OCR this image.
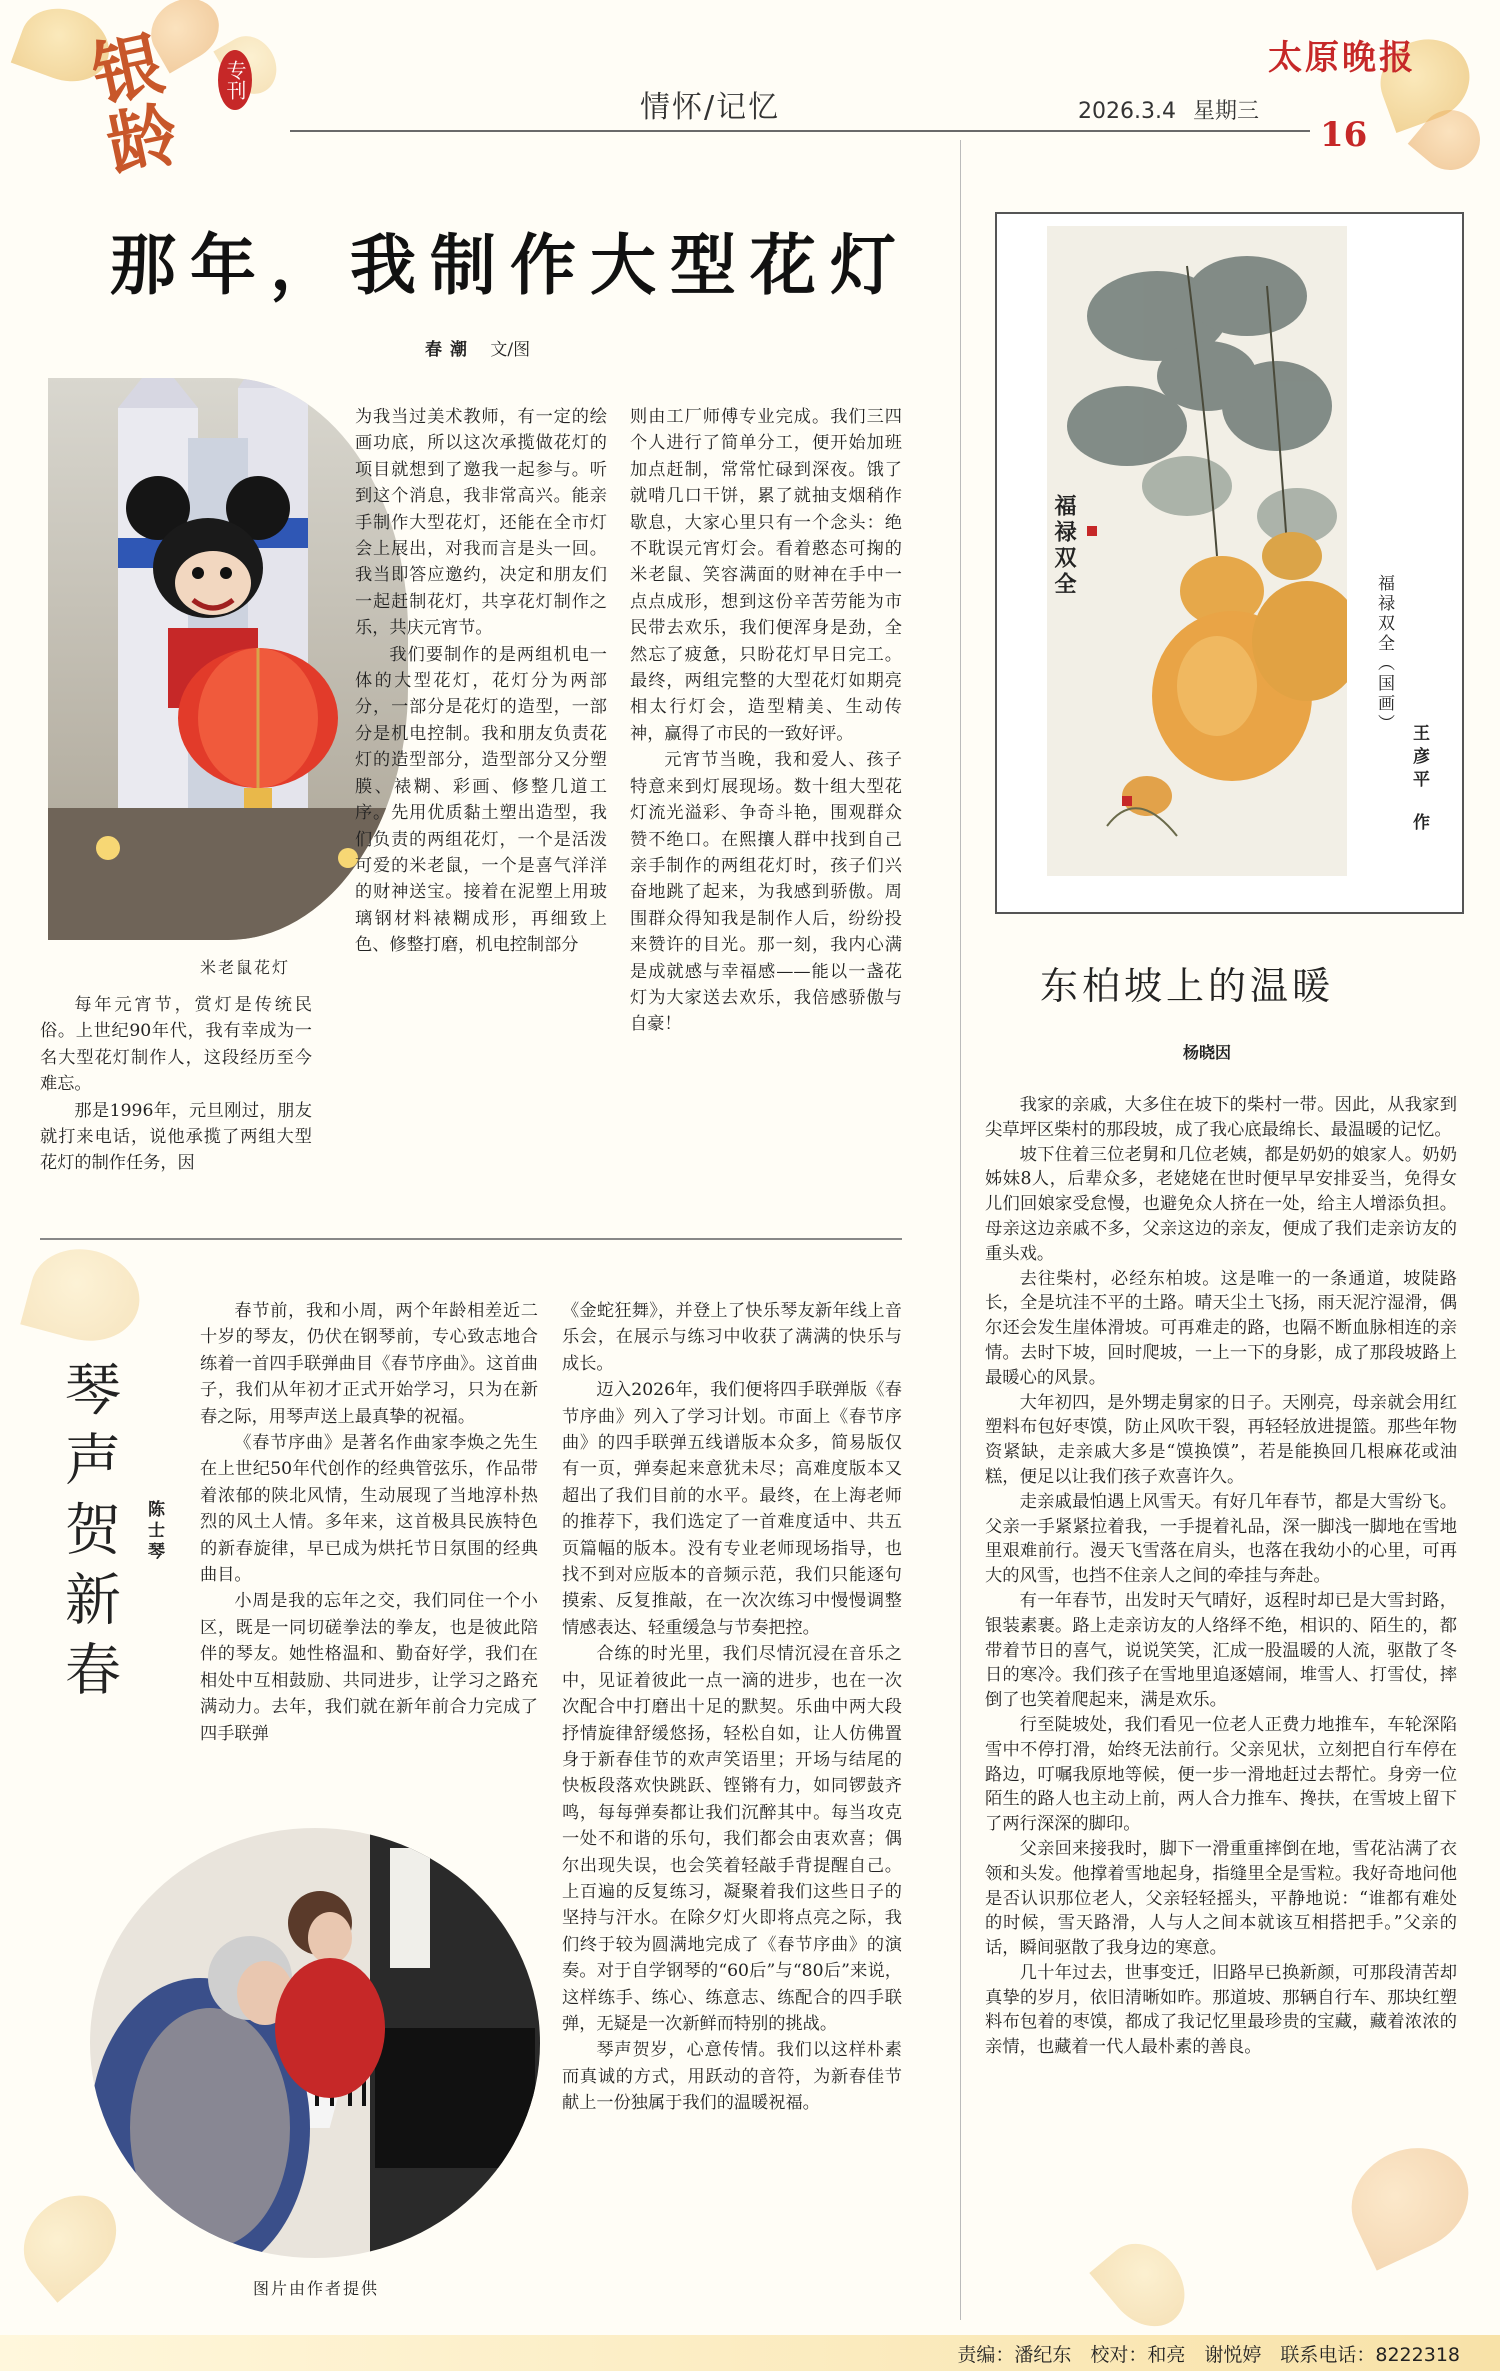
银龄
专刊
情怀/记忆	2026.3.4 星期三
太原晚报
16
那年，我制作大型花灯
春潮 文/图
米老鼠花灯

每年元宵节，赏灯是传统民俗。上世纪90年代，我有幸成为一名大型花灯制作人，这段经历至今难忘。

那是1996年，元旦刚过，朋友就打来电话，说他承揽了两组大型花灯的制作任务，因

为我当过美术教师，有一定的绘画功底，所以这次承揽做花灯的项目就想到了邀我一起参与。听到这个消息，我非常高兴。能亲手制作大型花灯，还能在全市灯会上展出，对我而言是头一回。我当即答应邀约，决定和朋友们一起赶制花灯，共享花灯制作之乐，共庆元宵节。

我们要制作的是两组机电一体的大型花灯，花灯分为两部分，一部分是花灯的造型，一部分是机电控制。我和朋友负责花灯的造型部分，造型部分又分塑膜、裱糊、彩画、修整几道工序。先用优质黏土塑出造型，我们负责的两组花灯，一个是活泼可爱的米老鼠，一个是喜气洋洋的财神送宝。接着在泥塑上用玻璃钢材料裱糊成形，再细致上色、修整打磨，机电控制部分

则由工厂师傅专业完成。我们三四个人进行了简单分工，便开始加班加点赶制，常常忙碌到深夜。饿了就啃几口干饼，累了就抽支烟稍作歇息，大家心里只有一个念头：绝不耽误元宵灯会。看着憨态可掬的米老鼠、笑容满面的财神在手中一点点成形，想到这份辛苦劳能为市民带去欢乐，我们便浑身是劲，全然忘了疲惫，只盼花灯早日完工。最终，两组完整的大型花灯如期亮相太行灯会，造型精美、生动传神，赢得了市民的一致好评。

元宵节当晚，我和爱人、孩子特意来到灯展现场。数十组大型花灯流光溢彩、争奇斗艳，围观群众赞不绝口。在熙攘人群中找到自己亲手制作的两组花灯时，孩子们兴奋地跳了起来，为我感到骄傲。周围群众得知我是制作人后，纷纷投来赞许的目光。那一刻，我内心满是成就感与幸福感——能以一盏花灯为大家送去欢乐，我倍感骄傲与自豪！

福禄双全
福禄双全（国画）
王彦平作
东柏坡上的温暖
杨晓因

我家的亲戚，大多住在坡下的柴村一带。因此，从我家到尖草坪区柴村的那段坡，成了我心底最绵长、最温暖的记忆。

坡下住着三位老舅和几位老姨，都是奶奶的娘家人。奶奶姊妹8人，后辈众多，老姥姥在世时便早早安排妥当，免得女儿们回娘家受怠慢，也避免众人挤在一处，给主人增添负担。母亲这边亲戚不多，父亲这边的亲友，便成了我们走亲访友的重头戏。

去往柴村，必经东柏坡。这是唯一的一条通道，坡陡路长，全是坑洼不平的土路。晴天尘土飞扬，雨天泥泞湿滑，偶尔还会发生崖体滑坡。可再难走的路，也隔不断血脉相连的亲情。去时下坡，回时爬坡，一上一下的身影，成了那段坡路上最暖心的风景。

大年初四，是外甥走舅家的日子。天刚亮，母亲就会用红塑料布包好枣馍，防止风吹干裂，再轻轻放进提篮。那些年物资紧缺，走亲戚大多是“馍换馍”，若是能换回几根麻花或油糕，便足以让我们孩子欢喜许久。

走亲戚最怕遇上风雪天。有好几年春节，都是大雪纷飞。父亲一手紧紧拉着我，一手提着礼品，深一脚浅一脚地在雪地里艰难前行。漫天飞雪落在肩头，也落在我幼小的心里，可再大的风雪，也挡不住亲人之间的牵挂与奔赴。

有一年春节，出发时天气晴好，返程时却已是大雪封路，银装素裹。路上走亲访友的人络绎不绝，相识的、陌生的，都带着节日的喜气，说说笑笑，汇成一股温暖的人流，驱散了冬日的寒冷。我们孩子在雪地里追逐嬉闹，堆雪人、打雪仗，摔倒了也笑着爬起来，满是欢乐。

行至陡坡处，我们看见一位老人正费力地推车，车轮深陷雪中不停打滑，始终无法前行。父亲见状，立刻把自行车停在路边，叮嘱我原地等候，便一步一滑地赶过去帮忙。身旁一位陌生的路人也主动上前，两人合力推车、搀扶，在雪坡上留下了两行深深的脚印。

父亲回来接我时，脚下一滑重重摔倒在地，雪花沾满了衣领和头发。他撑着雪地起身，指缝里全是雪粒。我好奇地问他是否认识那位老人，父亲轻轻摇头，平静地说：“谁都有难处的时候，雪天路滑，人与人之间本就该互相搭把手。”父亲的话，瞬间驱散了我身边的寒意。

几十年过去，世事变迁，旧路早已换新颜，可那段清苦却真挚的岁月，依旧清晰如昨。那道坡、那辆自行车、那块红塑料布包着的枣馍，都成了我记忆里最珍贵的宝藏，藏着浓浓的亲情，也藏着一代人最朴素的善良。

琴声贺新春	陈士琴

春节前，我和小周，两个年龄相差近二十岁的琴友，仍伏在钢琴前，专心致志地合练着一首四手联弹曲目《春节序曲》。这首曲子，我们从年初才正式开始学习，只为在新春之际，用琴声送上最真挚的祝福。

《春节序曲》是著名作曲家李焕之先生在上世纪50年代创作的经典管弦乐，作品带着浓郁的陕北风情，生动展现了当地淳朴热烈的风土人情。多年来，这首极具民族特色的新春旋律，早已成为烘托节日氛围的经典曲目。

小周是我的忘年之交，我们同住一个小区，既是一同切磋拳法的拳友，也是彼此陪伴的琴友。她性格温和、勤奋好学，我们在相处中互相鼓励、共同进步，让学习之路充满动力。去年，我们就在新年前合力完成了四手联弹

《金蛇狂舞》，并登上了快乐琴友新年线上音乐会，在展示与练习中收获了满满的快乐与成长。

迈入2026年，我们便将四手联弹版《春节序曲》列入了学习计划。市面上《春节序曲》的四手联弹五线谱版本众多，简易版仅有一页，弹奏起来意犹未尽；高难度版本又超出了我们目前的水平。最终，在上海老师的推荐下，我们选定了一首难度适中、共五页篇幅的版本。没有专业老师现场指导，也找不到对应版本的音频示范，我们只能逐句摸索、反复推敲，在一次次练习中慢慢调整情感表达、轻重缓急与节奏把控。

合练的时光里，我们尽情沉浸在音乐之中，见证着彼此一点一滴的进步，也在一次次配合中打磨出十足的默契。乐曲中两大段抒情旋律舒缓悠扬，轻松自如，让人仿佛置身于新春佳节的欢声笑语里；开场与结尾的快板段落欢快跳跃、铿锵有力，如同锣鼓齐鸣，每每弹奏都让我们沉醉其中。每当攻克一处不和谐的乐句，我们都会由衷欢喜；偶尔出现失误，也会笑着轻敲手背提醒自己。上百遍的反复练习，凝聚着我们这些日子的坚持与汗水。在除夕灯火即将点亮之际，我们终于较为圆满地完成了《春节序曲》的演奏。对于自学钢琴的“60后”与“80后”来说，这样练手、练心、练意志、练配合的四手联弹，无疑是一次新鲜而特别的挑战。

琴声贺岁，心意传情。我们以这样朴素而真诚的方式，用跃动的音符，为新春佳节献上一份独属于我们的温暖祝福。

图片由作者提供
责编：潘纪东　校对：和亮　谢悦婷　联系电话：8222318
